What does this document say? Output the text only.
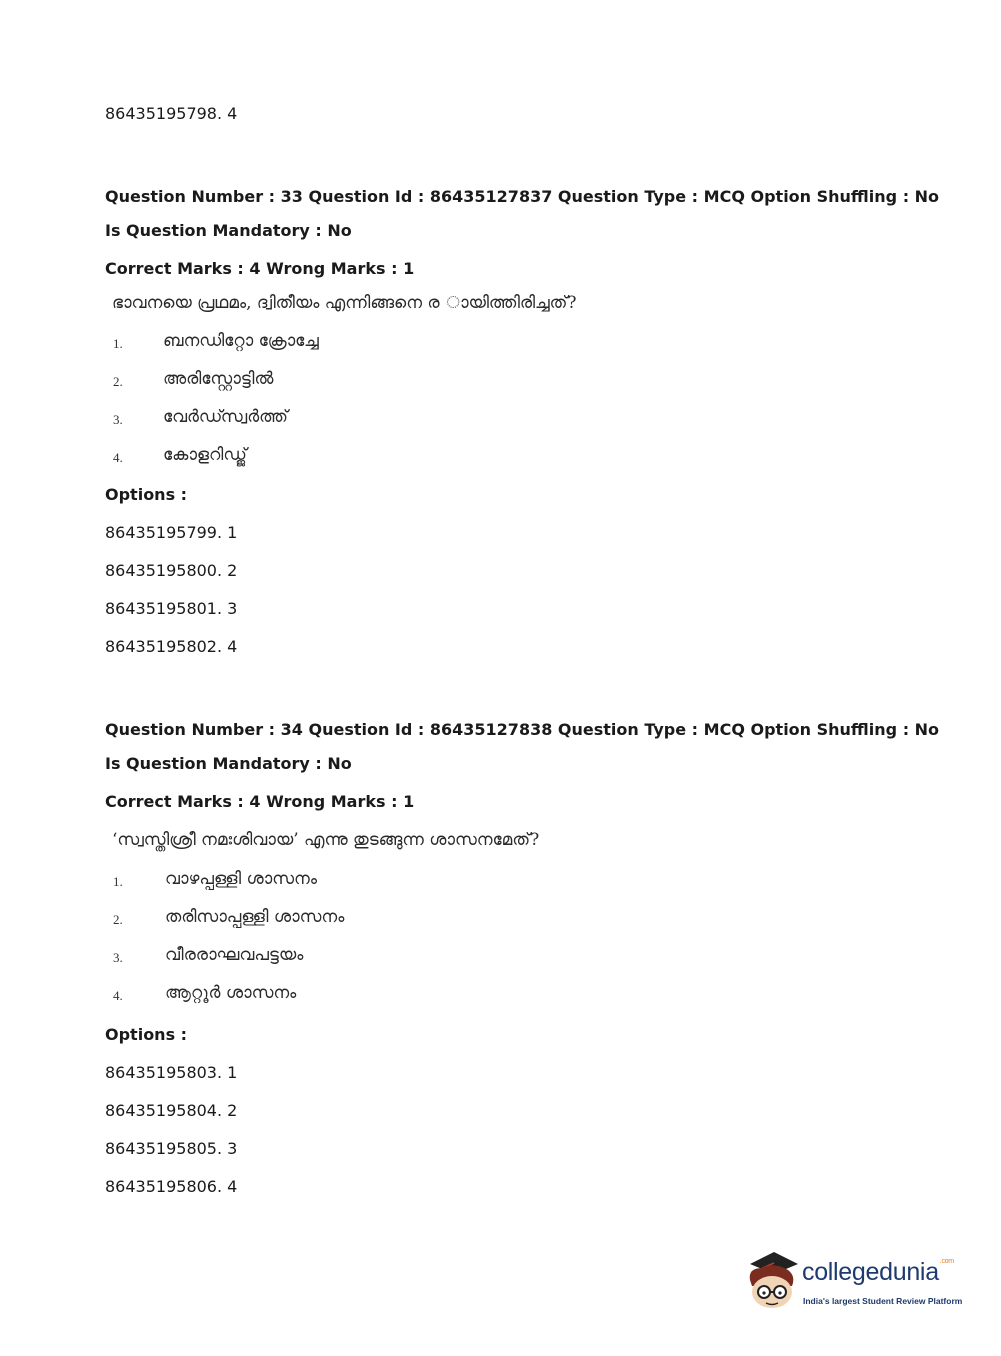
86435195798. 4
Question Number : 33 Question Id : 86435127837 Question Type : MCQ Option Shuffling : No
Is Question Mandatory : No
Correct Marks : 4 Wrong Marks : 1
ഭാവനയെ പ്രഥമം, ദ്വിതീയം എന്നിങ്ങനെ ര ായിത്തിരിച്ചത്?
1. ബനഡിറ്റോ ക്രോച്ചേ
2. അരിസ്റ്റോട്ടിൽ
3. വേർഡ്സ്വർത്ത്
4. കോളറിഡ്ജ്
Options :
86435195799. 1
86435195800. 2
86435195801. 3
86435195802. 4
Question Number : 34 Question Id : 86435127838 Question Type : MCQ Option Shuffling : No
Is Question Mandatory : No
Correct Marks : 4 Wrong Marks : 1
‘സ്വസ്തിശ്രീ നമഃശിവായ’ എന്നു തുടങ്ങുന്ന ശാസനമേത്?
1. വാഴപ്പള്ളി ശാസനം
2. തരിസാപ്പള്ളി ശാസനം
3. വീരരാഘവപട്ടയം
4. ആറ്റൂർ ശാസനം
Options :
86435195803. 1
86435195804. 2
86435195805. 3
86435195806. 4
collegedunia$^{.com}$
India's largest Student Review Platform
